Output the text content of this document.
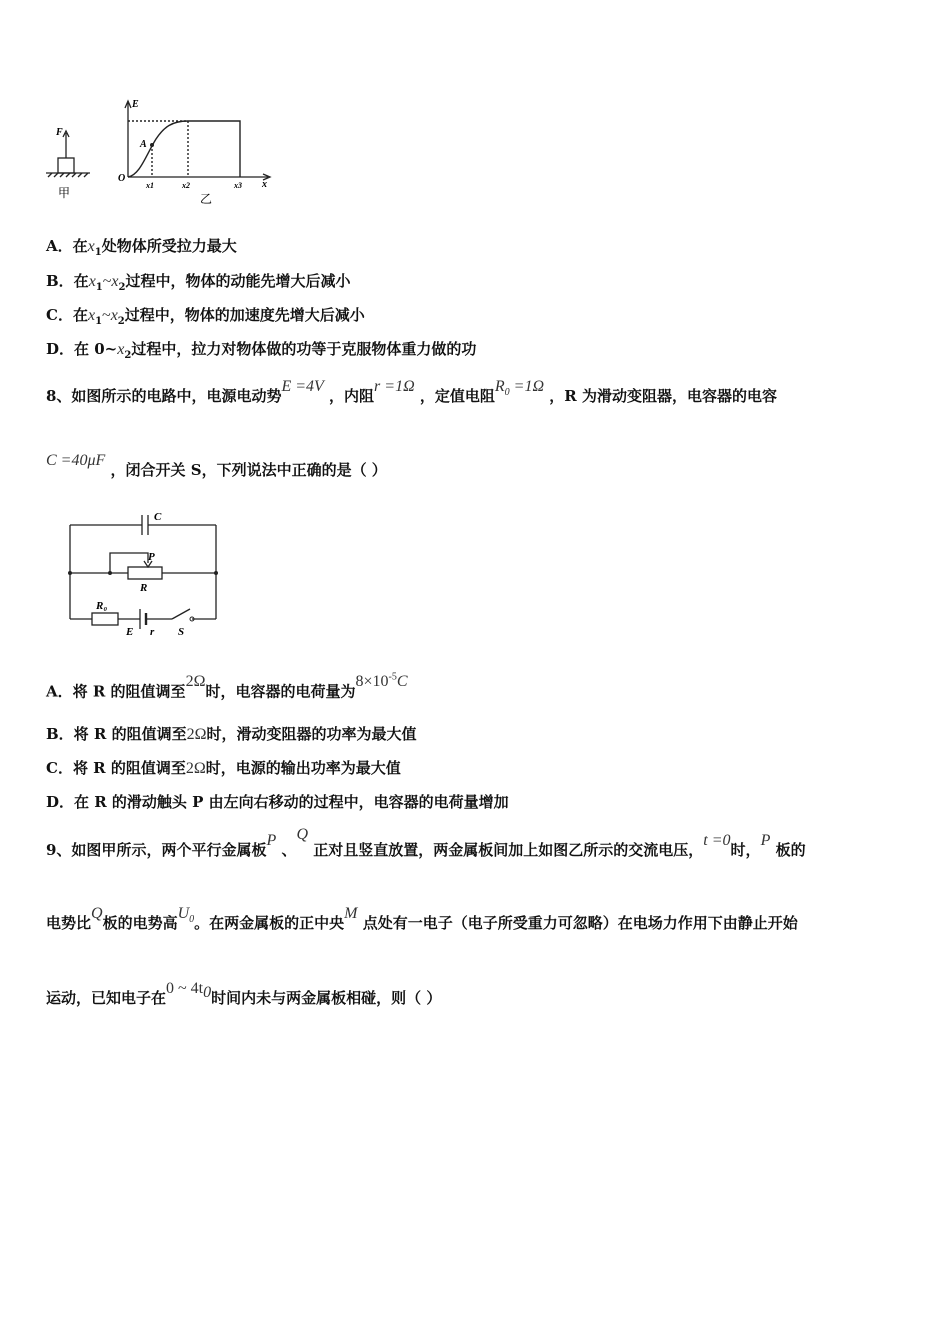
F
甲
E
O
A
x
x1	x2	x3
乙
A．在$x_1$处物体所受拉力最大
B．在$x_1\sim x_2$过程中，物体的动能先增大后减小
C．在$x_1\sim x_2$过程中，物体的加速度先增大后减小
D．在 $0\sim x_2$过程中，拉力对物体做的功等于克服物体重力做的功
8、如图所示的电路中，电源电动势E =4V ，内阻r =1Ω ，定值电阻$R_0 =1\Omega$ ，R 为滑动变阻器，电容器的电容
C =40μF ，闭合开关 S，下列说法中正确的是（ ）
C
P
R
R₀
E r S
A．将 R 的阻值调至2Ω时，电容器的电荷量为$8\times 10^{-5}C$
B．将 R 的阻值调至2Ω时，滑动变阻器的功率为最大值
C．将 R 的阻值调至2Ω时，电源的输出功率为最大值
D．在 R 的滑动触头 P 由左向右移动的过程中，电容器的电荷量增加
9、如图甲所示，两个平行金属板P 、Q 正对且竖直放置，两金属板间加上如图乙所示的交流电压，t =0时，P 板的
电势比Q板的电势高$U_0$。在两金属板的正中央M 点处有一电子（电子所受重力可忽略）在电场力作用下由静止开始
运动，已知电子在0 ~ $4t_0$时间内未与两金属板相碰，则（ ）
